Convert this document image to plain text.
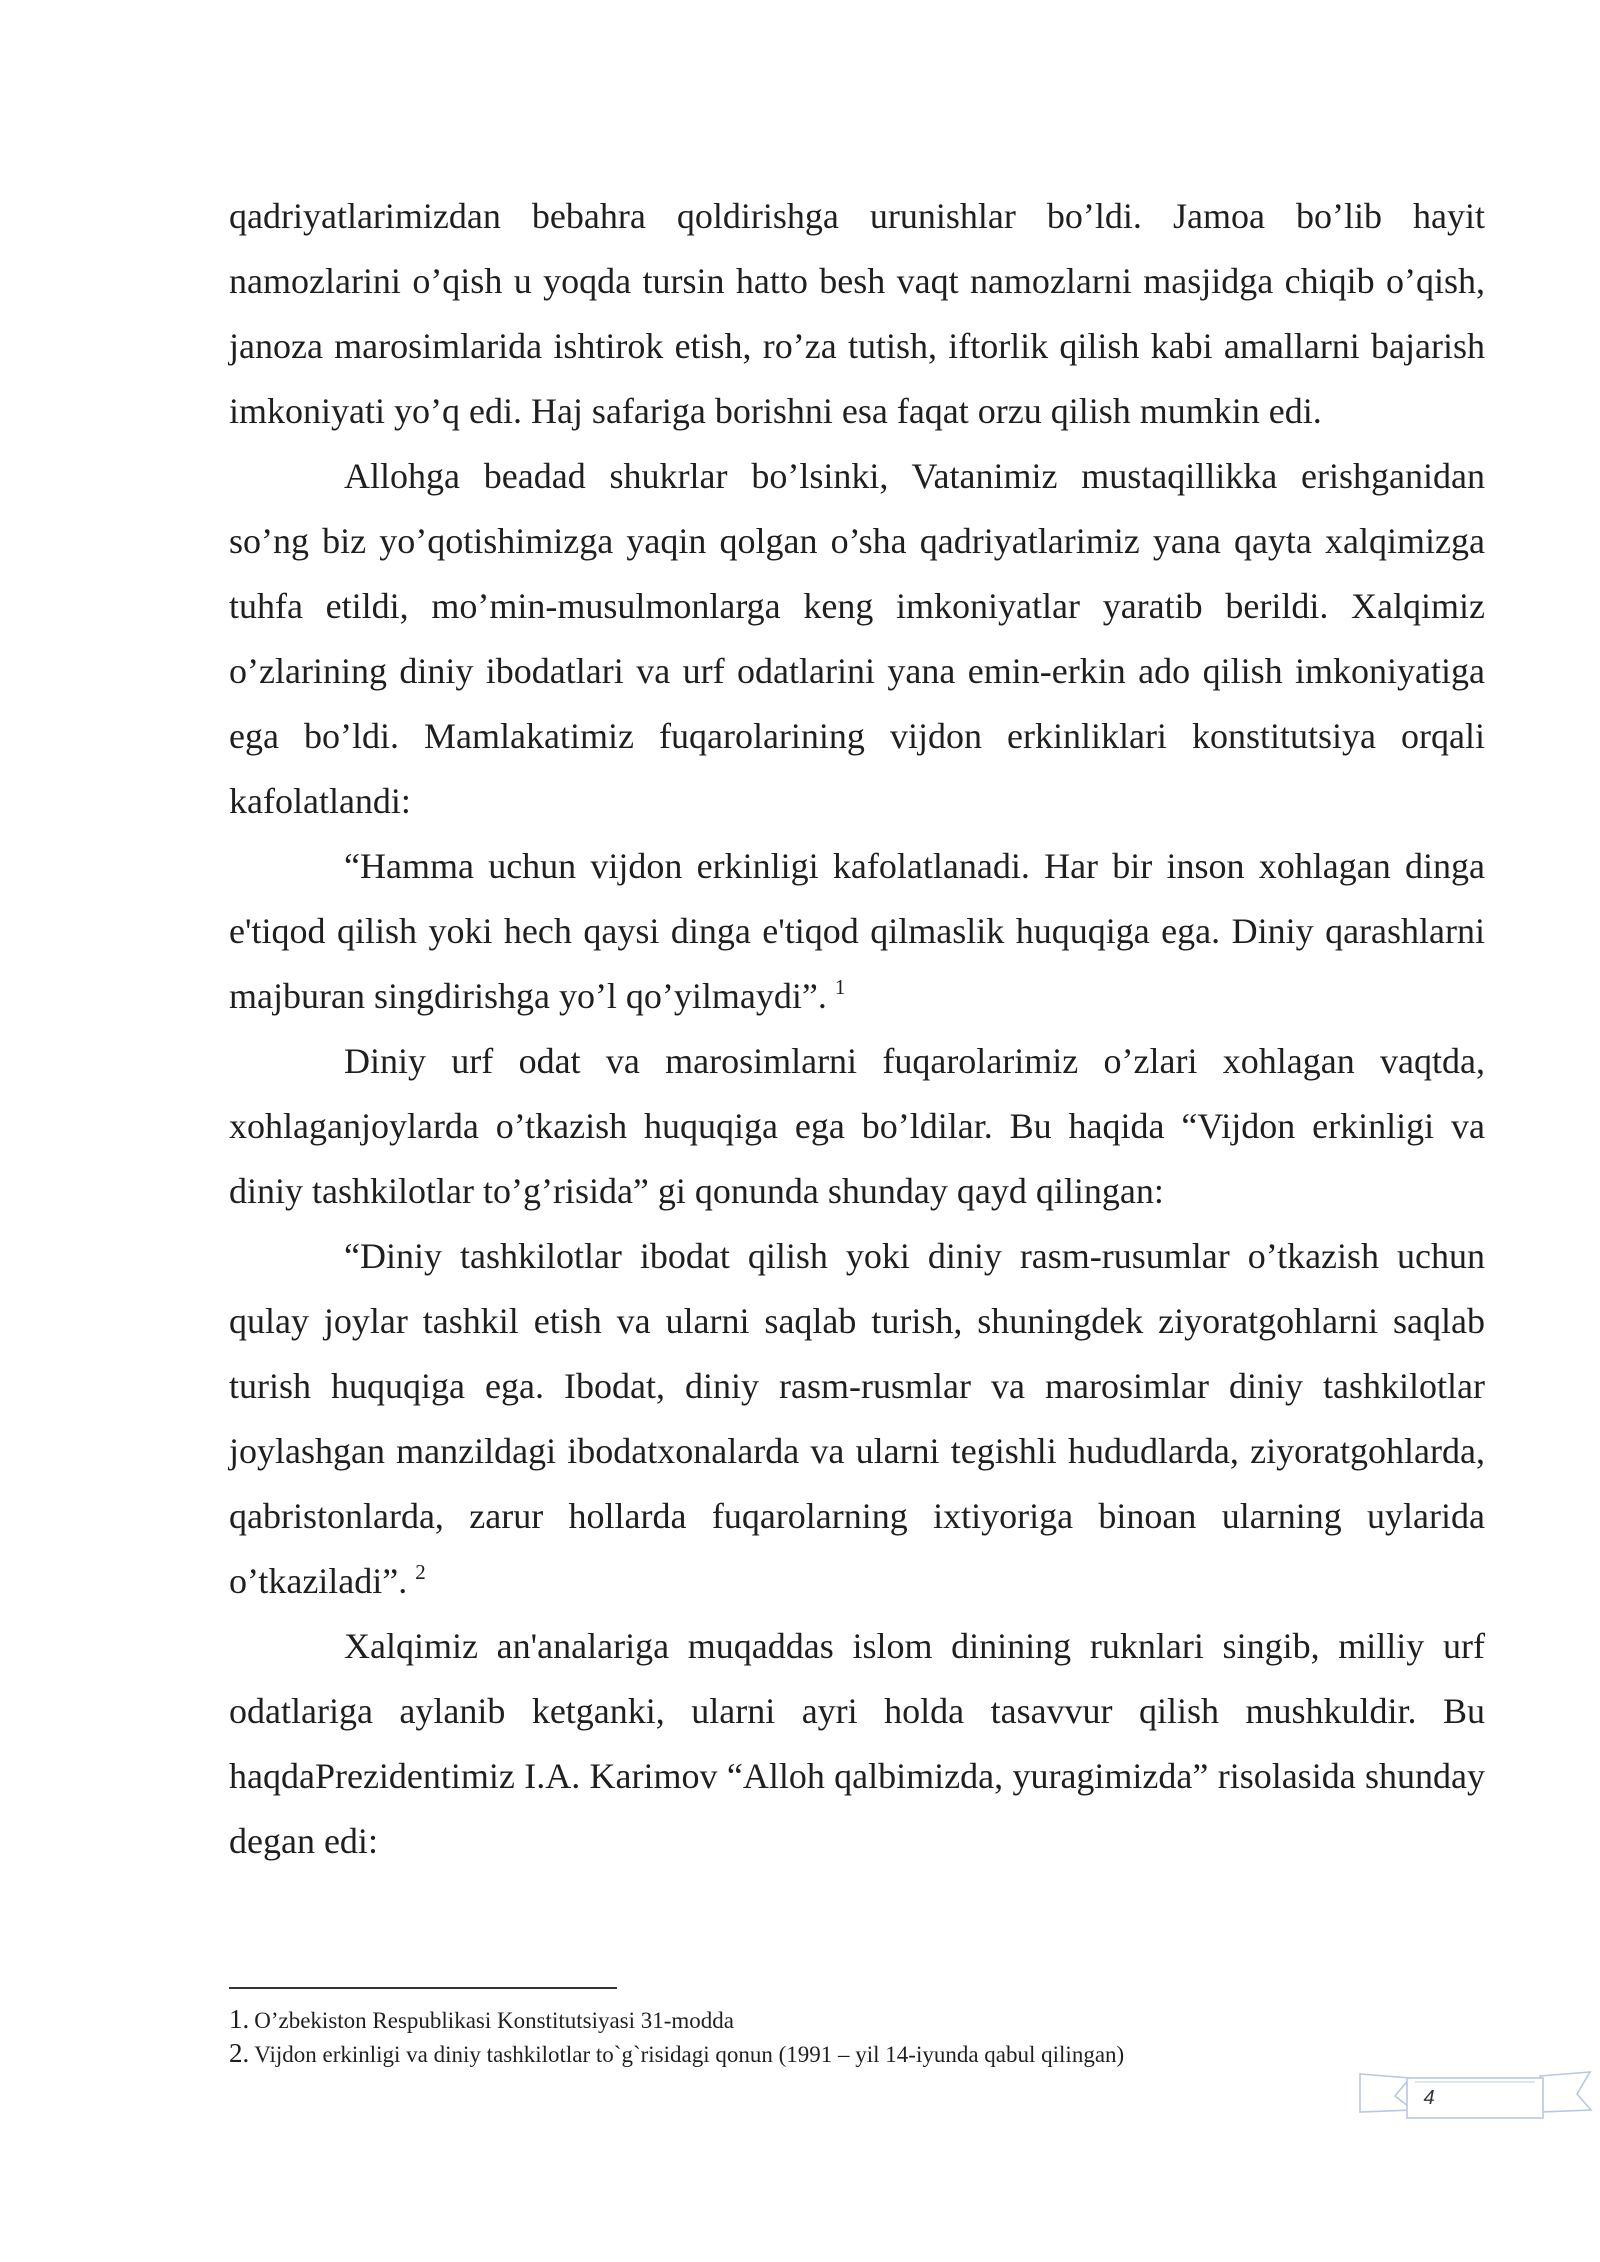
qadriyatlarimizdan bebahra qoldirishga urunishlar bo’ldi. Jamoa bo’lib hayit namozlarini o’qish u yoqda tursin hatto besh vaqt namozlarni masjidga chiqib o’qish, janoza marosimlarida ishtirok etish, ro’za tutish, iftorlik qilish kabi amallarni bajarish imkoniyati yo’q edi. Haj safariga borishni esa faqat orzu qilish mumkin edi.

Allohga beadad shukrlar bo’lsinki, Vatanimiz mustaqillikka erishganidan so’ng biz yo’qotishimizga yaqin qolgan o’sha qadriyatlarimiz yana qayta xalqimizga tuhfa etildi, mo’min-musulmonlarga keng imkoniyatlar yaratib berildi. Xalqimiz o’zlarining diniy ibodatlari va urf odatlarini yana emin-erkin ado qilish imkoniyatiga ega bo’ldi. Mamlakatimiz fuqarolarining vijdon erkinliklari konstitutsiya orqali kafolatlandi:

“Hamma uchun vijdon erkinligi kafolatlanadi. Har bir inson xohlagan dinga e'tiqod qilish yoki hech qaysi dinga e'tiqod qilmaslik huquqiga ega. Diniy qarashlarni majburan singdirishga yo’l qo’yilmaydi”. $^1$

Diniy urf odat va marosimlarni fuqarolarimiz o’zlari xohlagan vaqtda, xohlaganjoylarda o’tkazish huquqiga ega bo’ldilar. Bu haqida “Vijdon erkinligi va diniy tashkilotlar to’g’risida” gi qonunda shunday qayd qilingan:

“Diniy tashkilotlar ibodat qilish yoki diniy rasm-rusumlar o’tkazish uchun qulay joylar tashkil etish va ularni saqlab turish, shuningdek ziyoratgohlarni saqlab turish huquqiga ega. Ibodat, diniy rasm-rusmlar va marosimlar diniy tashkilotlar joylashgan manzildagi ibodatxonalarda va ularni tegishli hududlarda, ziyoratgohlarda, qabristonlarda, zarur hollarda fuqarolarning ixtiyoriga binoan ularning uylarida o’tkaziladi”. $^2$

Xalqimiz an'analariga muqaddas islom dinining ruknlari singib, milliy urf odatlariga aylanib ketganki, ularni ayri holda tasavvur qilish mushkuldir. Bu haqdaPrezidentimiz I.A. Karimov “Alloh qalbimizda, yuragimizda” risolasida shunday degan edi:

1. O’zbekiston Respublikasi Konstitutsiyasi 31-modda
2. Vijdon erkinligi va diniy tashkilotlar to`g`risidagi qonun (1991 – yil 14-iyunda qabul qilingan)
4
